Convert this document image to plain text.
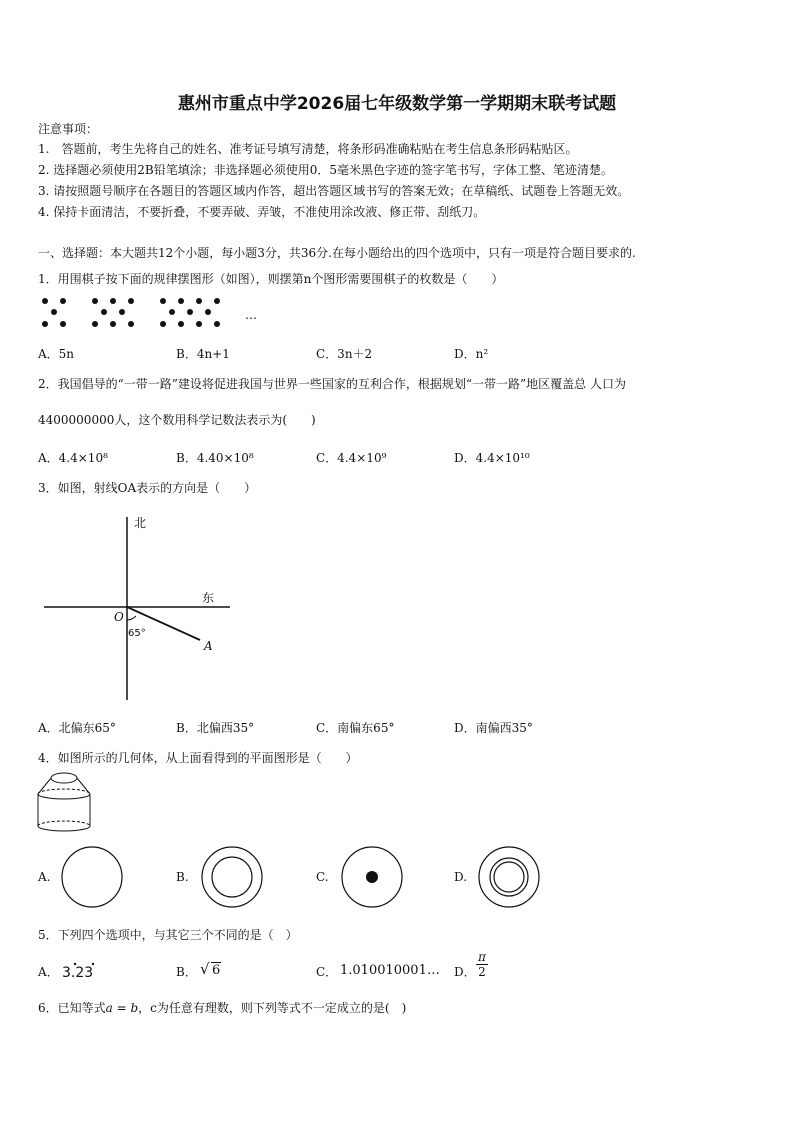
惠州市重点中学2026届七年级数学第一学期期末联考试题
注意事项：
1.　答题前，考生先将自己的姓名、准考证号填写清楚，将条形码准确粘贴在考生信息条形码粘贴区。
2. 选择题必须使用2B铅笔填涂；非选择题必须使用0．5毫米黑色字迹的签字笔书写，字体工整、笔迹清楚。
3. 请按照题号顺序在各题目的答题区域内作答，超出答题区域书写的答案无效；在草稿纸、试题卷上答题无效。
4. 保持卡面清洁，不要折叠，不要弄破、弄皱，不准使用涂改液、修正带、刮纸刀。
一、选择题：本大题共12个小题，每小题3分，共36分.在每小题给出的四个选项中，只有一项是符合题目要求的.
1．用围棋子按下面的规律摆图形（如图），则摆第n个图形需要围棋子的枚数是（　　）
…
A．5n	B．4n+1	C．3n＋2	D．n²
2．我国倡导的“一带一路”建设将促进我国与世界一些国家的互利合作，根据规划“一带一路”地区覆盖总 人口为
4400000000人，这个数用科学记数法表示为(　　)
A．4.4×10⁸	B．4.40×10⁸	C．4.4×10⁹	D．4.4×10¹⁰
3．如图，射线OA表示的方向是（　　）
北
东
O
65°
A
A．北偏东65°	B．北偏西35°	C．南偏东65°	D．南偏西35°
4．如图所示的几何体，从上面看得到的平面图形是（　　）
A.	B.	C.	D.
5．下列四个选项中，与其它三个不同的是（　）
A． 3.23	B． √ 6	C． 1.010010001… D． $\frac{\pi}{2}$
6．已知等式a = b，c为任意有理数，则下列等式不一定成立的是(　)
